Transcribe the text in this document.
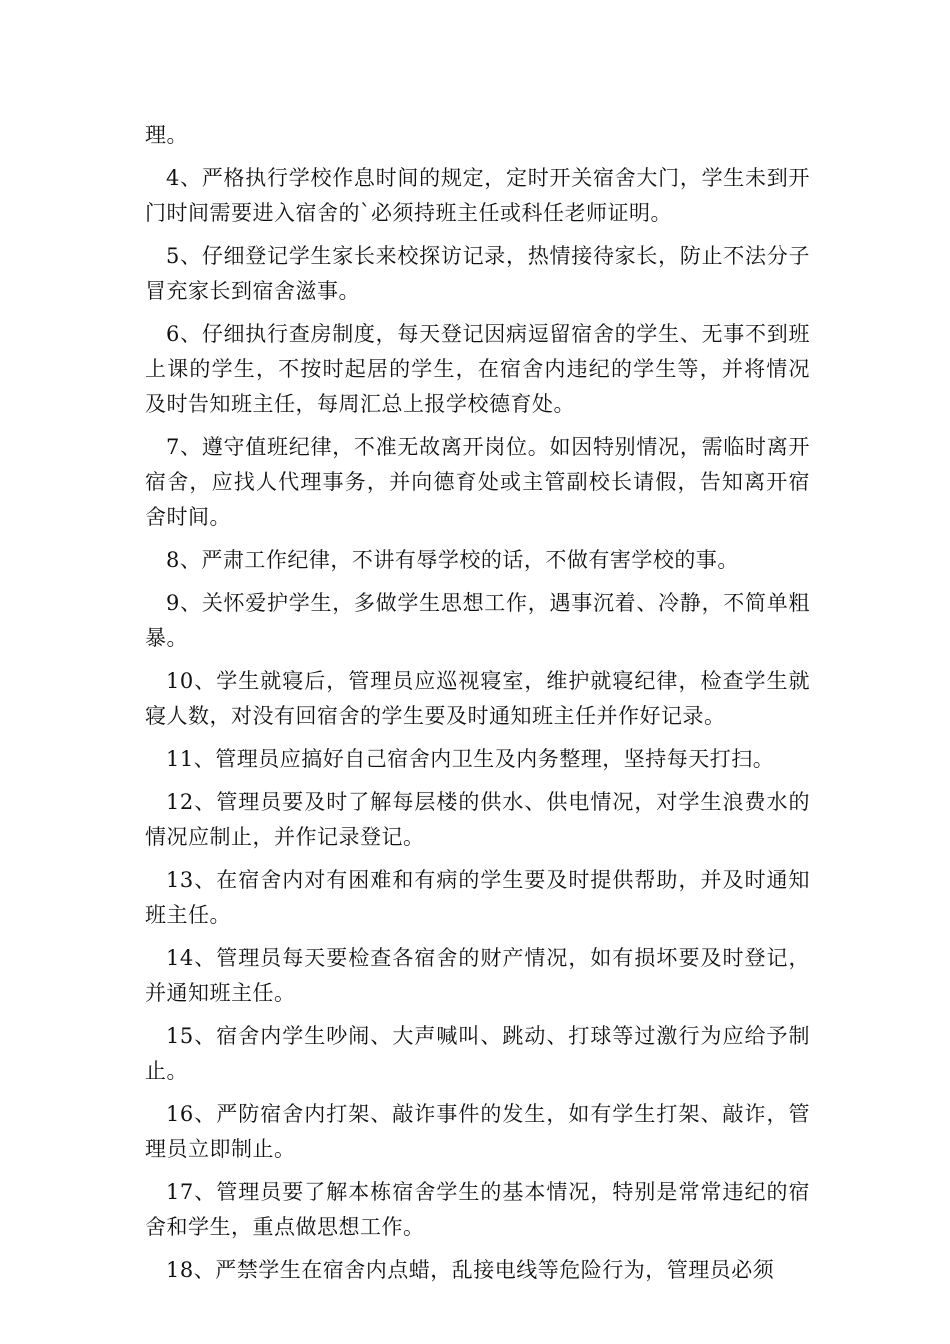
理。

4、严格执行学校作息时间的规定，定时开关宿舍大门，学生未到开门时间需要进入宿舍的`必须持班主任或科任老师证明。

5、仔细登记学生家长来校探访记录，热情接待家长，防止不法分子冒充家长到宿舍滋事。

6、仔细执行查房制度，每天登记因病逗留宿舍的学生、无事不到班上课的学生，不按时起居的学生，在宿舍内违纪的学生等，并将情况及时告知班主任，每周汇总上报学校德育处。

7、遵守值班纪律，不准无故离开岗位。如因特别情况，需临时离开宿舍，应找人代理事务，并向德育处或主管副校长请假，告知离开宿舍时间。

8、严肃工作纪律，不讲有辱学校的话，不做有害学校的事。

9、关怀爱护学生，多做学生思想工作，遇事沉着、冷静，不简单粗暴。

10、学生就寝后，管理员应巡视寝室，维护就寝纪律，检查学生就寝人数，对没有回宿舍的学生要及时通知班主任并作好记录。

11、管理员应搞好自己宿舍内卫生及内务整理，坚持每天打扫。

12、管理员要及时了解每层楼的供水、供电情况，对学生浪费水的情况应制止，并作记录登记。

13、在宿舍内对有困难和有病的学生要及时提供帮助，并及时通知班主任。

14、管理员每天要检查各宿舍的财产情况，如有损坏要及时登记，并通知班主任。

15、宿舍内学生吵闹、大声喊叫、跳动、打球等过激行为应给予制止。

16、严防宿舍内打架、敲诈事件的发生，如有学生打架、敲诈，管理员立即制止。

17、管理员要了解本栋宿舍学生的基本情况，特别是常常违纪的宿舍和学生，重点做思想工作。

18、严禁学生在宿舍内点蜡，乱接电线等危险行为，管理员必须
